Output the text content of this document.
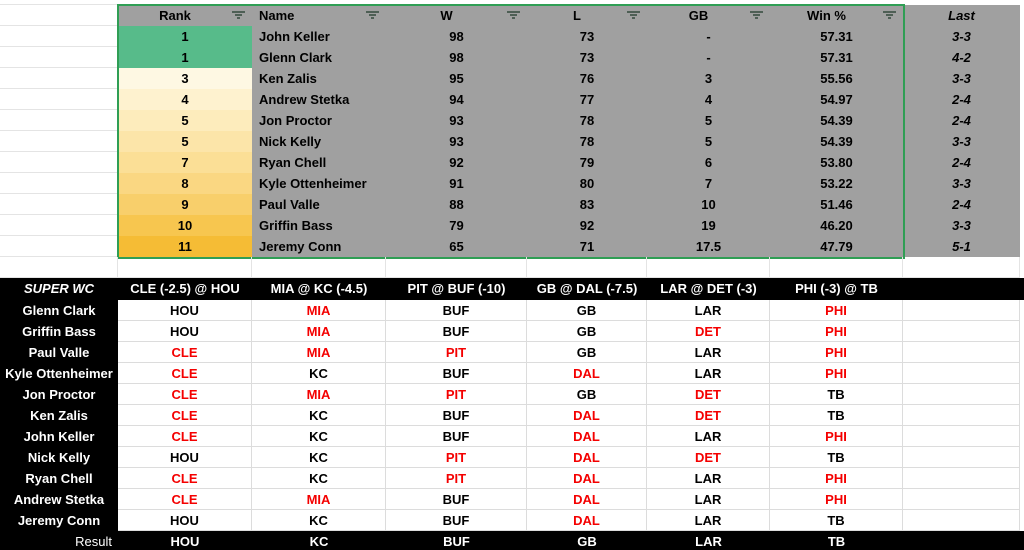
Rank	Name	W	L	GB	Win %	Last
1	John Keller	98	73	-	57.31	3-3
1	Glenn Clark	98	73	-	57.31	4-2
3	Ken Zalis	95	76	3	55.56	3-3
4	Andrew Stetka	94	77	4	54.97	2-4
5	Jon Proctor	93	78	5	54.39	2-4
5	Nick Kelly	93	78	5	54.39	3-3
7	Ryan Chell	92	79	6	53.80	2-4
8	Kyle Ottenheimer	91	80	7	53.22	3-3
9	Paul Valle	88	83	10	51.46	2-4
10	Griffin Bass	79	92	19	46.20	3-3
11	Jeremy Conn	65	71	17.5	47.79	5-1
SUPER WC	CLE (-2.5) @ HOU	MIA @ KC (-4.5)	PIT @ BUF (-10)	GB @ DAL (-7.5)	LAR @ DET (-3)	PHI (-3) @ TB
Glenn Clark	HOU	MIA	BUF	GB	LAR	PHI
Griffin Bass	HOU	MIA	BUF	GB	DET	PHI
Paul Valle	CLE	MIA	PIT	GB	LAR	PHI
Kyle Ottenheimer	CLE	KC	BUF	DAL	LAR	PHI
Jon Proctor	CLE	MIA	PIT	GB	DET	TB
Ken Zalis	CLE	KC	BUF	DAL	DET	TB
John Keller	CLE	KC	BUF	DAL	LAR	PHI
Nick Kelly	HOU	KC	PIT	DAL	DET	TB
Ryan Chell	CLE	KC	PIT	DAL	LAR	PHI
Andrew Stetka	CLE	MIA	BUF	DAL	LAR	PHI
Jeremy Conn	HOU	KC	BUF	DAL	LAR	TB
Result	HOU	KC	BUF	GB	LAR	TB
